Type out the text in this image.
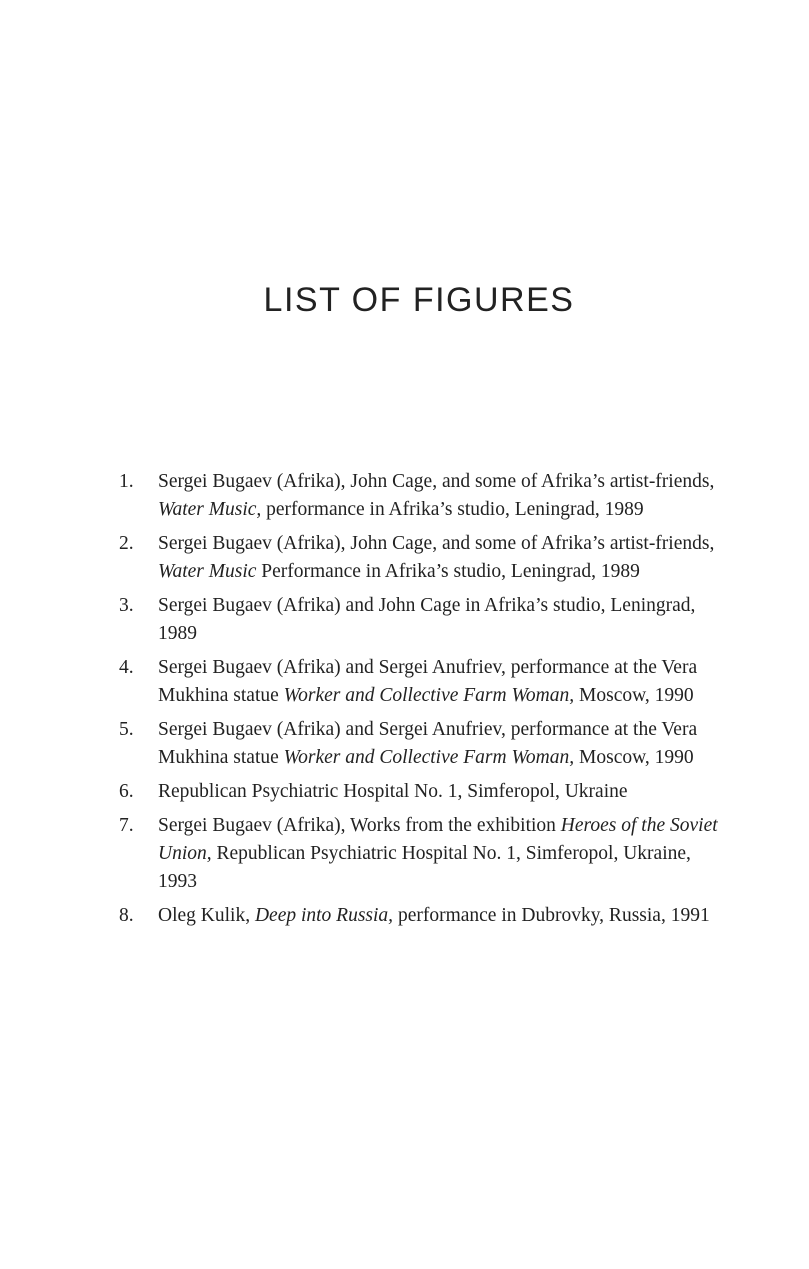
LIST OF FIGURES
1. Sergei Bugaev (Afrika), John Cage, and some of Afrika’s artist-friends, Water Music, performance in Afrika’s studio, Leningrad, 1989
2. Sergei Bugaev (Afrika), John Cage, and some of Afrika’s artist-friends, Water Music Performance in Afrika’s studio, Leningrad, 1989
3. Sergei Bugaev (Afrika) and John Cage in Afrika’s studio, Leningrad, 1989
4. Sergei Bugaev (Afrika) and Sergei Anufriev, performance at the Vera Mukhina statue Worker and Collective Farm Woman, Moscow, 1990
5. Sergei Bugaev (Afrika) and Sergei Anufriev, performance at the Vera Mukhina statue Worker and Collective Farm Woman, Moscow, 1990
6. Republican Psychiatric Hospital No. 1, Simferopol, Ukraine
7. Sergei Bugaev (Afrika), Works from the exhibition Heroes of the Soviet Union, Republican Psychiatric Hospital No. 1, Simferopol, Ukraine, 1993
8. Oleg Kulik, Deep into Russia, performance in Dubrovky, Russia, 1991
